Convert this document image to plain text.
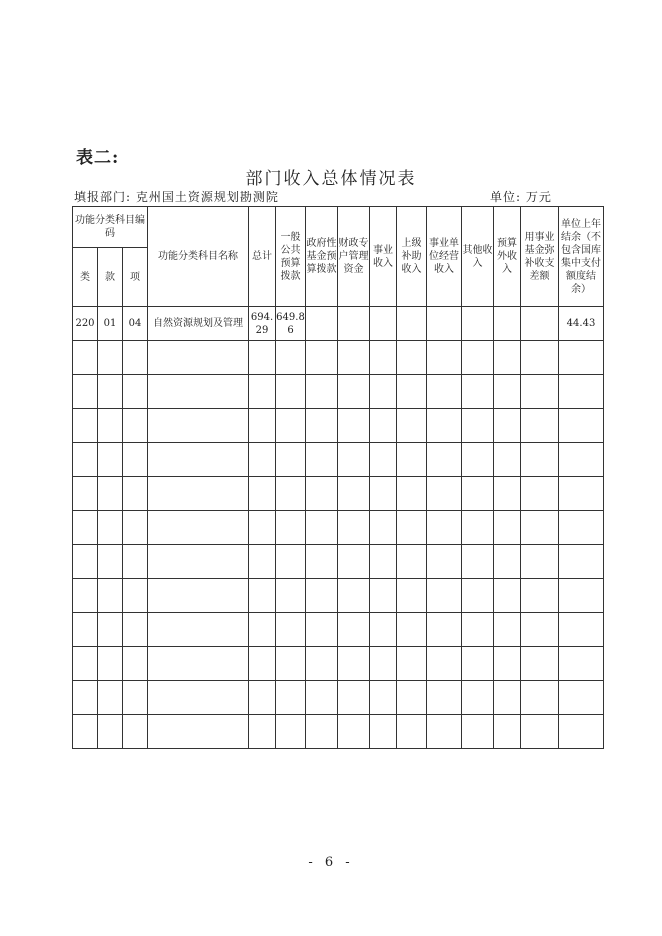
表二:
部门收入总体情况表
填报部门: 克州国土资源规划勘测院	单位: 万元
功能分类科目编码			功能分类科目名称	总计	一般公共预算拨款	政府性基金预算拨款	财政专户管理资金	事业收入	上级补助收入	事业单位经营收入	其他收入	预算外收入	用事业基金弥补收支差额	单位上年结余（不包含国库集中支付额度结余）
类	款	项												
220	01	04	自然资源规划及管理	694.29	649.86									44.43

- 6 -
